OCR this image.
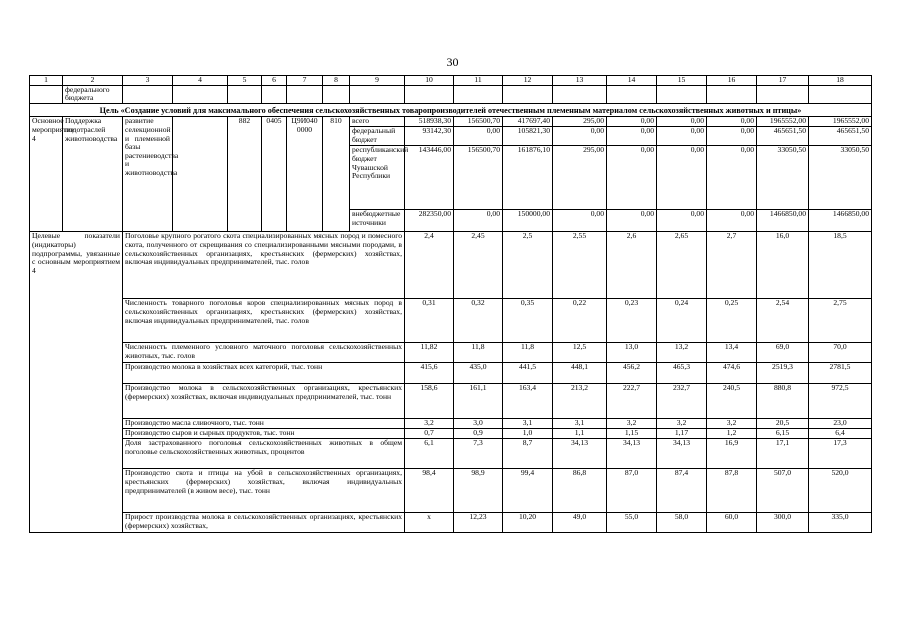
30
1	2	3	4	5	6	7	8	9	10	11	12	13	14	15	16	17	18
	федерального бюджета																
Цель «Создание условий для максимального обеспечения сельскохозяйственных товаропроизводителей отечественным племенным материалом сельскохозяйственных животных и птицы»																	
Основное мероприятие 4	Поддержка подотраслей животноводства	развитие селекционной и племенной базы растениеводства и животноводства		882	0405	Ц9И040 0000	810	всего	518938,30	156500,70	417697,40	295,00	0,00	0,00	0,00	1965552,00	1965552,00
								федеральный бюджет	93142,30	0,00	105821,30	0,00	0,00	0,00	0,00	465651,50	465651,50
								республиканский бюджет Чувашской Республики	143446,00	156500,70	161876,10	295,00	0,00	0,00	0,00	33050,50	33050,50
								внебюджетные источники	282350,00	0,00	150000,00	0,00	0,00	0,00	0,00	1466850,00	1466850,00
Целевые показатели (индикаторы) подпрограммы, увязанные с основным мероприятием 4		Поголовье крупного рогатого скота специализированных мясных пород и помесного скота, полученного от скрещивания со специализированными мясными породами, в сельскохозяйственных организациях, крестьянских (фермерских) хозяйствах, включая индивидуальных предпринимателей, тыс. голов							2,4	2,45	2,5	2,55	2,6	2,65	2,7	16,0	18,5
		Численность товарного поголовья коров специализированных мясных пород в сельскохозяйственных организациях, крестьянских (фермерских) хозяйствах, включая индивидуальных предпринимателей, тыс. голов							0,31	0,32	0,35	0,22	0,23	0,24	0,25	2,54	2,75
		Численность племенного условного маточного поголовья сельскохозяйственных животных, тыс. голов							11,82	11,8	11,8	12,5	13,0	13,2	13,4	69,0	70,0
		Производство молока в хозяйствах всех категорий, тыс. тонн							415,6	435,0	441,5	448,1	456,2	465,3	474,6	2519,3	2781,5
		Производство молока в сельскохозяйственных организациях, крестьянских (фермерских) хозяйствах, включая индивидуальных предпринимателей, тыс. тонн							158,6	161,1	163,4	213,2	222,7	232,7	240,5	880,8	972,5
		Производство масла сливочного, тыс. тонн							3,2	3,0	3,1	3,1	3,2	3,2	3,2	20,5	23,0
		Производство сыров и сырных продуктов, тыс. тонн							0,7	0,9	1,0	1,1	1,15	1,17	1,2	6,15	6,4
		Доля застрахованного поголовья сельскохозяйственных животных в общем поголовье сельскохозяйственных животных, процентов							6,1	7,3	8,7	34,13	34,13	34,13	16,9	17,1	17,3
		Производство скота и птицы на убой в сельскохозяйственных организациях, крестьянских (фермерских) хозяйствах, включая индивидуальных предпринимателей (в живом весе), тыс. тонн							98,4	98,9	99,4	86,8	87,0	87,4	87,8	507,0	520,0
		Прирост производства молока в сельскохозяйственных организациях, крестьянских (фермерских) хозяйствах,							х	12,23	10,20	49,0	55,0	58,0	60,0	300,0	335,0
